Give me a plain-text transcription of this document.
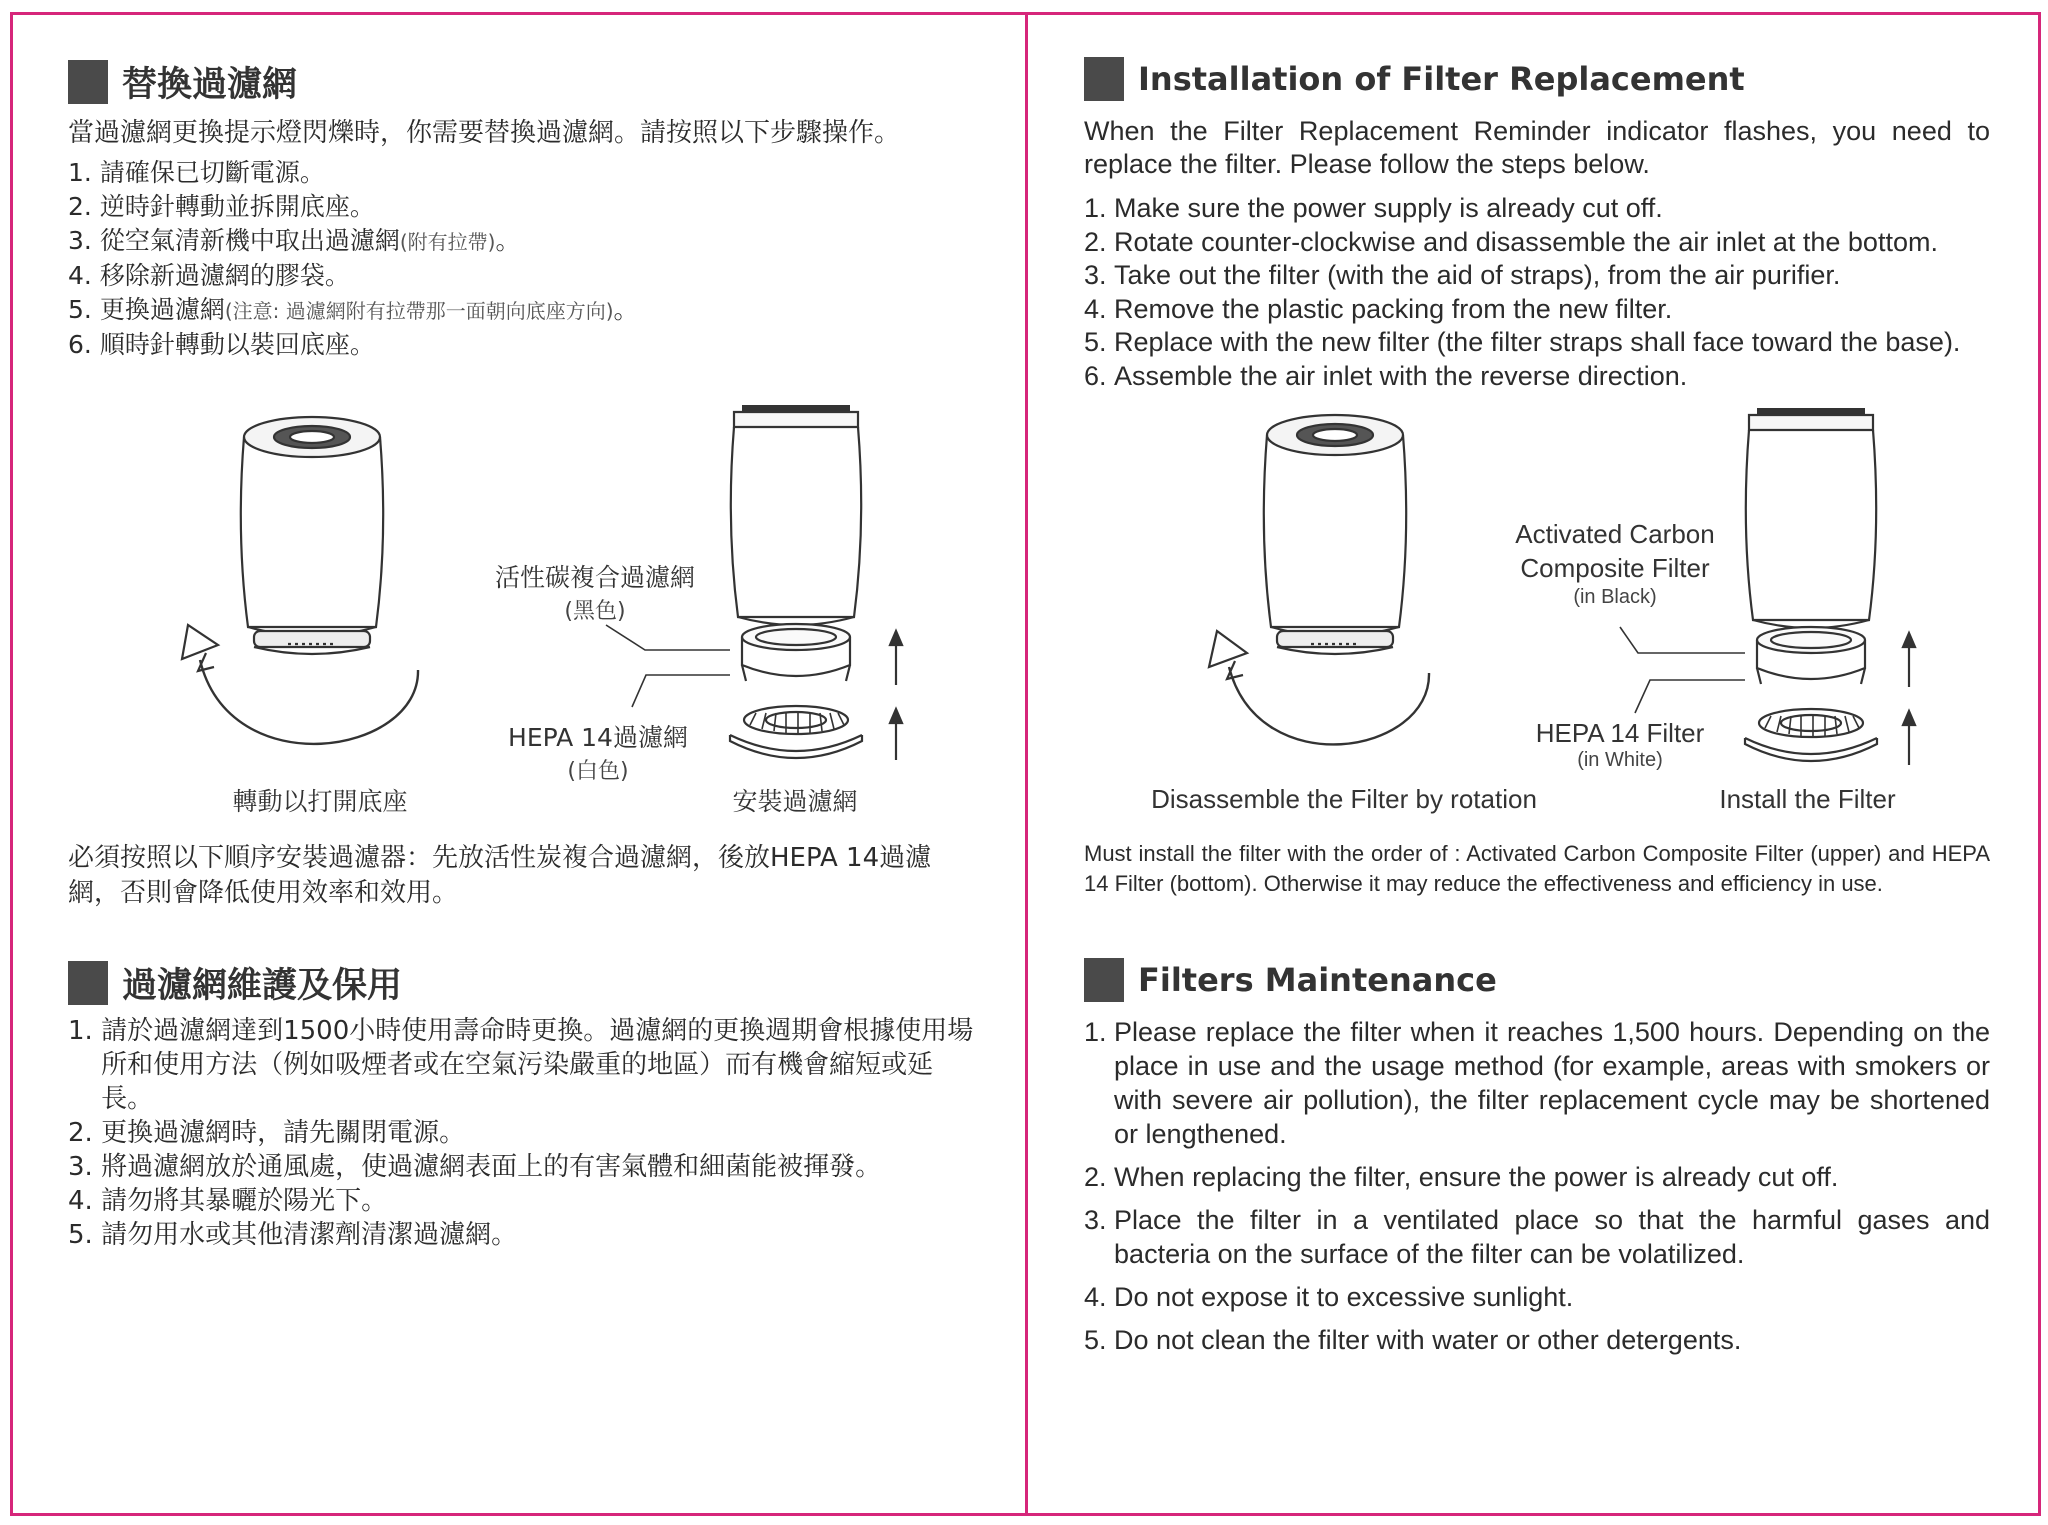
替換過濾網
當過濾網更換提示燈閃爍時，你需要替換過濾網。請按照以下步驟操作。
1. 請確保已切斷電源。
2. 逆時針轉動並拆開底座。
3. 從空氣清新機中取出過濾網(附有拉帶)。
4. 移除新過濾網的膠袋。
5. 更換過濾網(注意: 過濾網附有拉帶那一面朝向底座方向)。
6. 順時針轉動以裝回底座。
活性碳複合過濾網
(黑色)
HEPA 14過濾網
(白色)
轉動以打開底座	安裝過濾網
必須按照以下順序安裝過濾器：先放活性炭複合過濾網，後放HEPA 14過濾網，否則會降低使用效率和效用。
過濾網維護及保用
1. 請於過濾網達到1500小時使用壽命時更換。過濾網的更換週期會根據使用場所和使用方法（例如吸煙者或在空氣污染嚴重的地區）而有機會縮短或延長。
2. 更換過濾網時，請先關閉電源。
3. 將過濾網放於通風處，使過濾網表面上的有害氣體和細菌能被揮發。
4. 請勿將其暴曬於陽光下。
5. 請勿用水或其他清潔劑清潔過濾網。
Installation of Filter Replacement
When the Filter Replacement Reminder indicator flashes, you need to replace the filter. Please follow the steps below.
1. Make sure the power supply is already cut off.
2. Rotate counter-clockwise and disassemble the air inlet at the bottom.
3. Take out the filter (with the aid of straps), from the air purifier.
4. Remove the plastic packing from the new filter.
5. Replace with the new filter (the filter straps shall face toward the base).
6. Assemble the air inlet with the reverse direction.
Activated Carbon
Composite Filter
(in Black)
HEPA 14 Filter
(in White)
Disassemble the Filter by rotation	Install the Filter
Must install the filter with the order of : Activated Carbon Composite Filter (upper) and HEPA 14 Filter (bottom). Otherwise it may reduce the effectiveness and efficiency in use.
Filters Maintenance
1. Please replace the filter when it reaches 1,500 hours. Depending on the place in use and the usage method (for example, areas with smokers or with severe air pollution), the filter replacement cycle may be shortened or lengthened.
2. When replacing the filter, ensure the power is already cut off.
3. Place the filter in a ventilated place so that the harmful gases and bacteria on the surface of the filter can be volatilized.
4. Do not expose it to excessive sunlight.
5. Do not clean the filter with water or other detergents.
